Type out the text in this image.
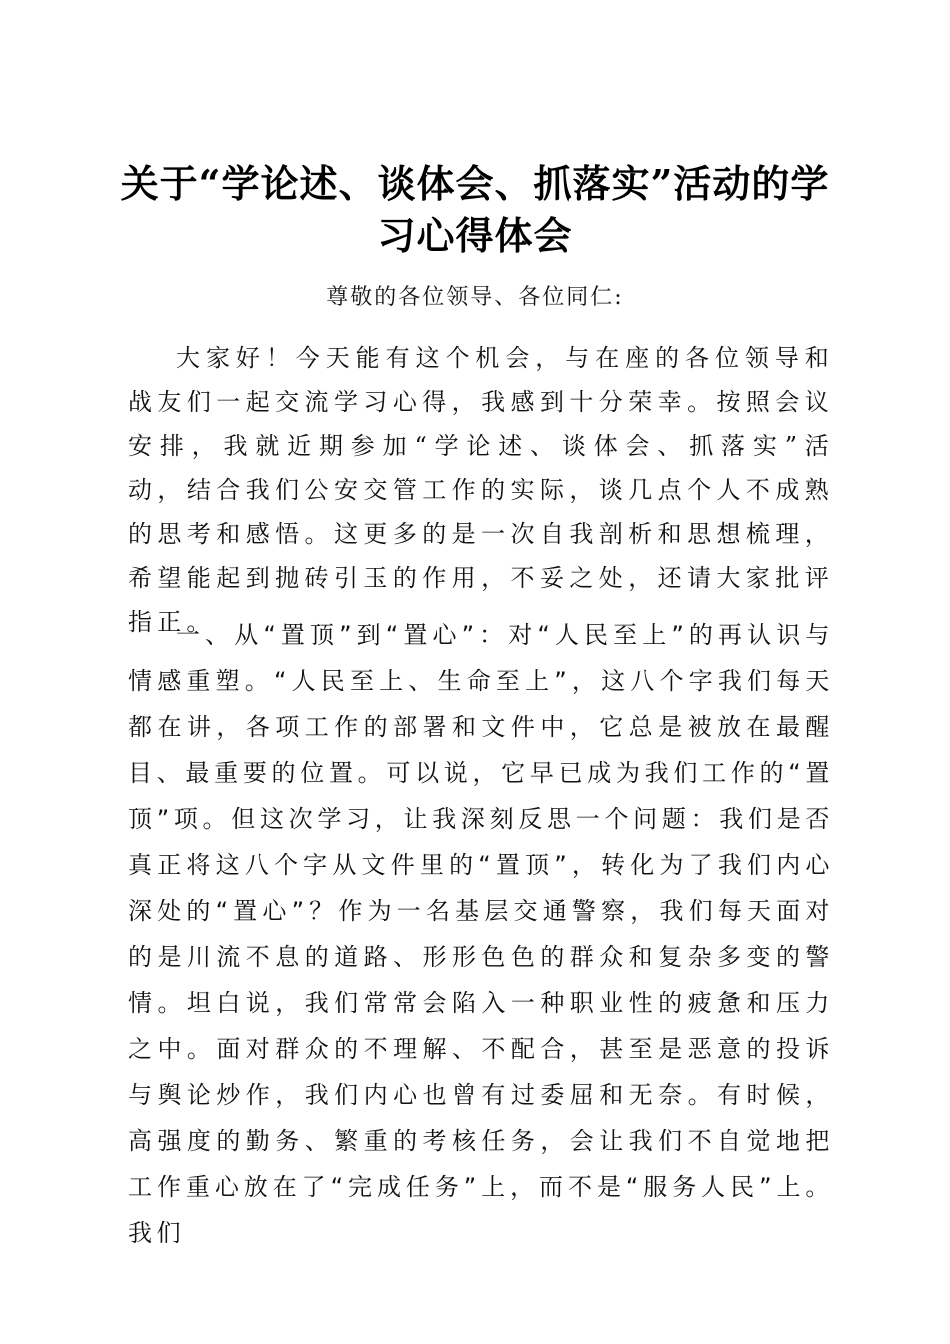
关于“学论述、谈体会、抓落实”活动的学习心得体会

尊敬的各位领导、各位同仁:

大家好！今天能有这个机会，与在座的各位领导和战友们一起交流学习心得，我感到十分荣幸。按照会议安排，我就近期参加“学论述、谈体会、抓落实”活动，结合我们公安交管工作的实际，谈几点个人不成熟的思考和感悟。这更多的是一次自我剖析和思想梳理，希望能起到抛砖引玉的作用，不妥之处，还请大家批评指正。

一、从“置顶”到“置心”：对“人民至上”的再认识与情感重塑。“人民至上、生命至上”，这八个字我们每天都在讲，各项工作的部署和文件中，它总是被放在最醒目、最重要的位置。可以说，它早已成为我们工作的“置顶”项。但这次学习，让我深刻反思一个问题：我们是否真正将这八个字从文件里的“置顶”，转化为了我们内心深处的“置心”？作为一名基层交通警察，我们每天面对的是川流不息的道路、形形色色的群众和复杂多变的警情。坦白说，我们常常会陷入一种职业性的疲惫和压力之中。面对群众的不理解、不配合，甚至是恶意的投诉与舆论炒作，我们内心也曾有过委屈和无奈。有时候，高强度的勤务、繁重的考核任务，会让我们不自觉地把工作重心放在了“完成任务”上，而不是“服务人民”上。我们
